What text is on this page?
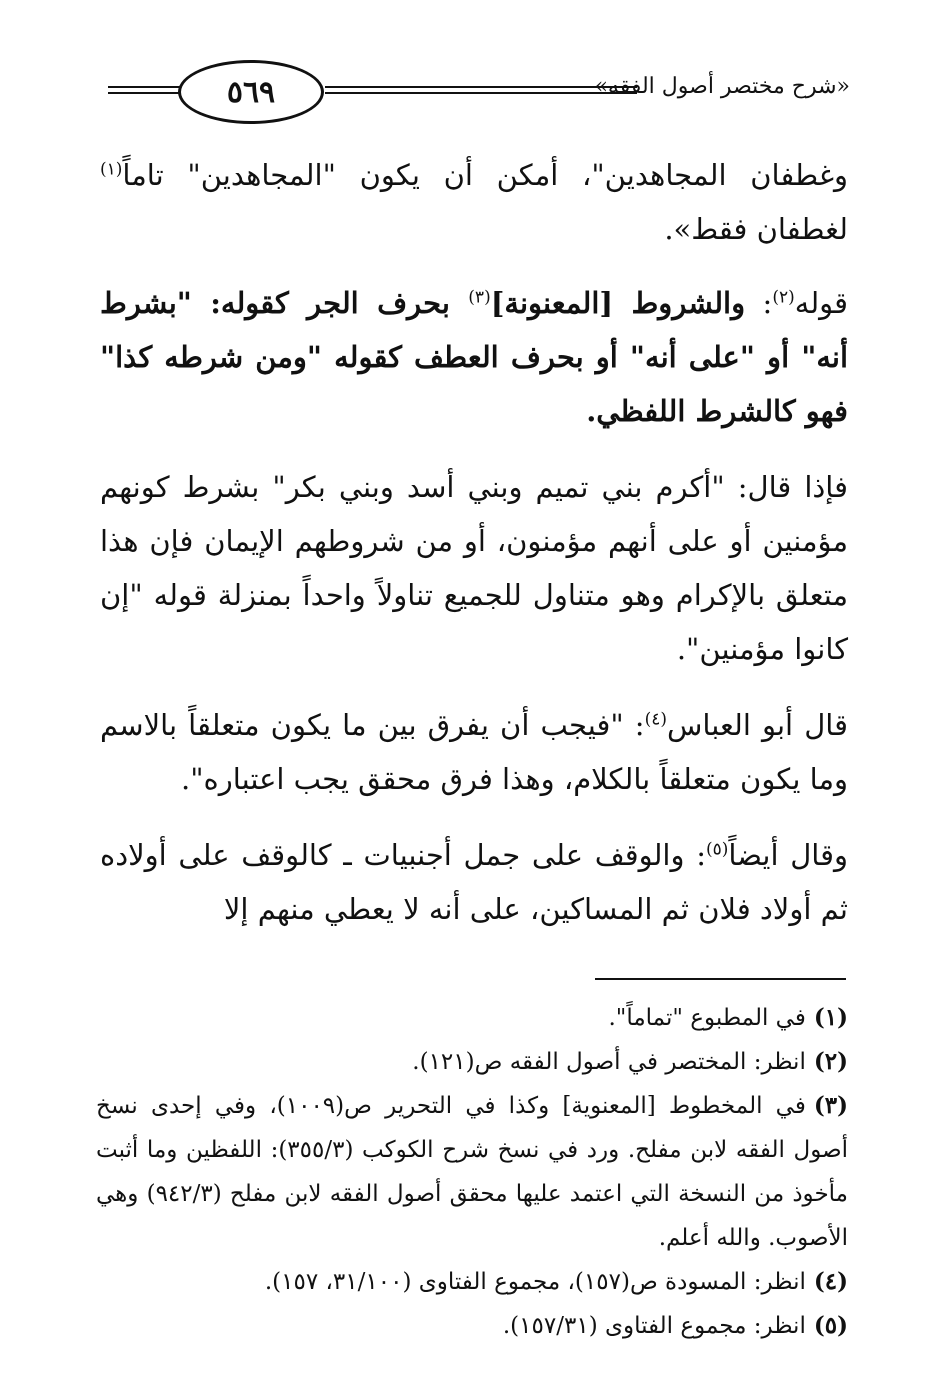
٥٦٩	«شرح مختصر أصول الفقه»

وغطفان المجاهدين"، أمكن أن يكون "المجاهدين" تاماً$^{(١)}$ لغطفان فقط».

قوله$^{(٢)}$: والشروط [المعنونة]$^{(٣)}$ بحرف الجر كقوله: "بشرط أنه" أو "على أنه" أو بحرف العطف كقوله "ومن شرطه كذا" فهو كالشرط اللفظي.

فإذا قال: "أكرم بني تميم وبني أسد وبني بكر" بشرط كونهم مؤمنين أو على أنهم مؤمنون، أو من شروطهم الإيمان فإن هذا متعلق بالإكرام وهو متناول للجميع تناولاً واحداً بمنزلة قوله "إن كانوا مؤمنين".

قال أبو العباس$^{(٤)}$: "فيجب أن يفرق بين ما يكون متعلقاً بالاسم وما يكون متعلقاً بالكلام، وهذا فرق محقق يجب اعتباره".

وقال أيضاً$^{(٥)}$: والوقف على جمل أجنبيات ـ كالوقف على أولاده ثم أولاد فلان ثم المساكين، على أنه لا يعطي منهم إلا

(١)في المطبوع "تماماً".

(٢)انظر: المختصر في أصول الفقه ص(١٢١).

(٣)في المخطوط [المعنوية] وكذا في التحرير ص(١٠٠٩)، وفي إحدى نسخ أصول الفقه لابن مفلح. ورد في نسخ شرح الكوكب (٣٥٥/٣): اللفظين وما أثبت مأخوذ من النسخة التي اعتمد عليها محقق أصول الفقه لابن مفلح (٩٤٢/٣) وهي الأصوب. والله أعلم.

(٤)انظر: المسودة ص(١٥٧)، مجموع الفتاوى (٣١/١٠٠، ١٥٧).

(٥)انظر: مجموع الفتاوى (١٥٧/٣١).
